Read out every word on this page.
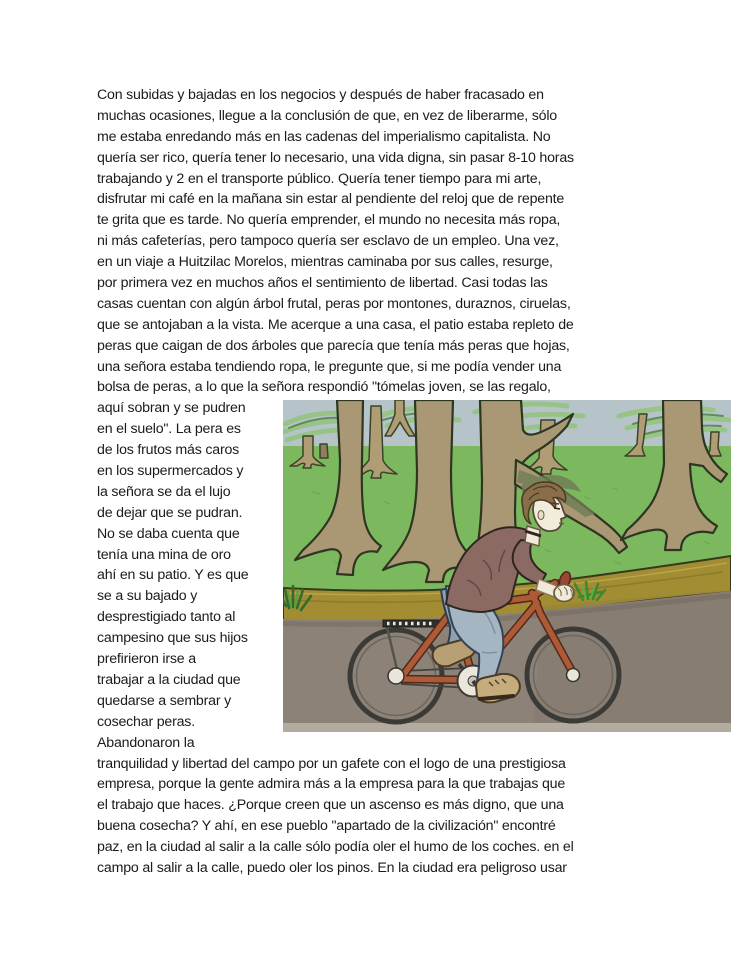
Con subidas y bajadas en los negocios y después de haber fracasado en
muchas ocasiones, llegue a la conclusión de que, en vez de liberarme, sólo
me estaba enredando más en las cadenas del imperialismo capitalista. No
quería ser rico, quería tener lo necesario, una vida digna, sin pasar 8-10 horas
trabajando y 2 en el transporte público. Quería tener tiempo para mi arte,
disfrutar mi café en la mañana sin estar al pendiente del reloj que de repente
te grita que es tarde. No quería emprender, el mundo no necesita más ropa,
ni más cafeterías, pero tampoco quería ser esclavo de un empleo. Una vez,
en un viaje a Huitzilac Morelos, mientras caminaba por sus calles, resurge,
por primera vez en muchos años el sentimiento de libertad. Casi todas las
casas cuentan con algún árbol frutal, peras por montones, duraznos, ciruelas,
que se antojaban a la vista. Me acerque a una casa, el patio estaba repleto de
peras que caigan de dos árboles que parecía que tenía más peras que hojas,
una señora estaba tendiendo ropa, le pregunte que, si me podía vender una
bolsa de peras, a lo que la señora respondió "tómelas joven, se las regalo,
aquí sobran y se pudren
en el suelo". La pera es
de los frutos más caros
en los supermercados y
la señora se da el lujo
de dejar que se pudran.
No se daba cuenta que
tenía una mina de oro
ahí en su patio. Y es que
se a su bajado y
desprestigiado tanto al
campesino que sus hijos
prefirieron irse a
trabajar a la ciudad que
quedarse a sembrar y
cosechar peras.
Abandonaron la
tranquilidad y libertad del campo por un gafete con el logo de una prestigiosa
empresa, porque la gente admira más a la empresa para la que trabajas que
el trabajo que haces. ¿Porque creen que un ascenso es más digno, que una
buena cosecha? Y ahí, en ese pueblo "apartado de la civilización" encontré
paz, en la ciudad al salir a la calle sólo podía oler el humo de los coches. en el
campo al salir a la calle, puedo oler los pinos. En la ciudad era peligroso usar
